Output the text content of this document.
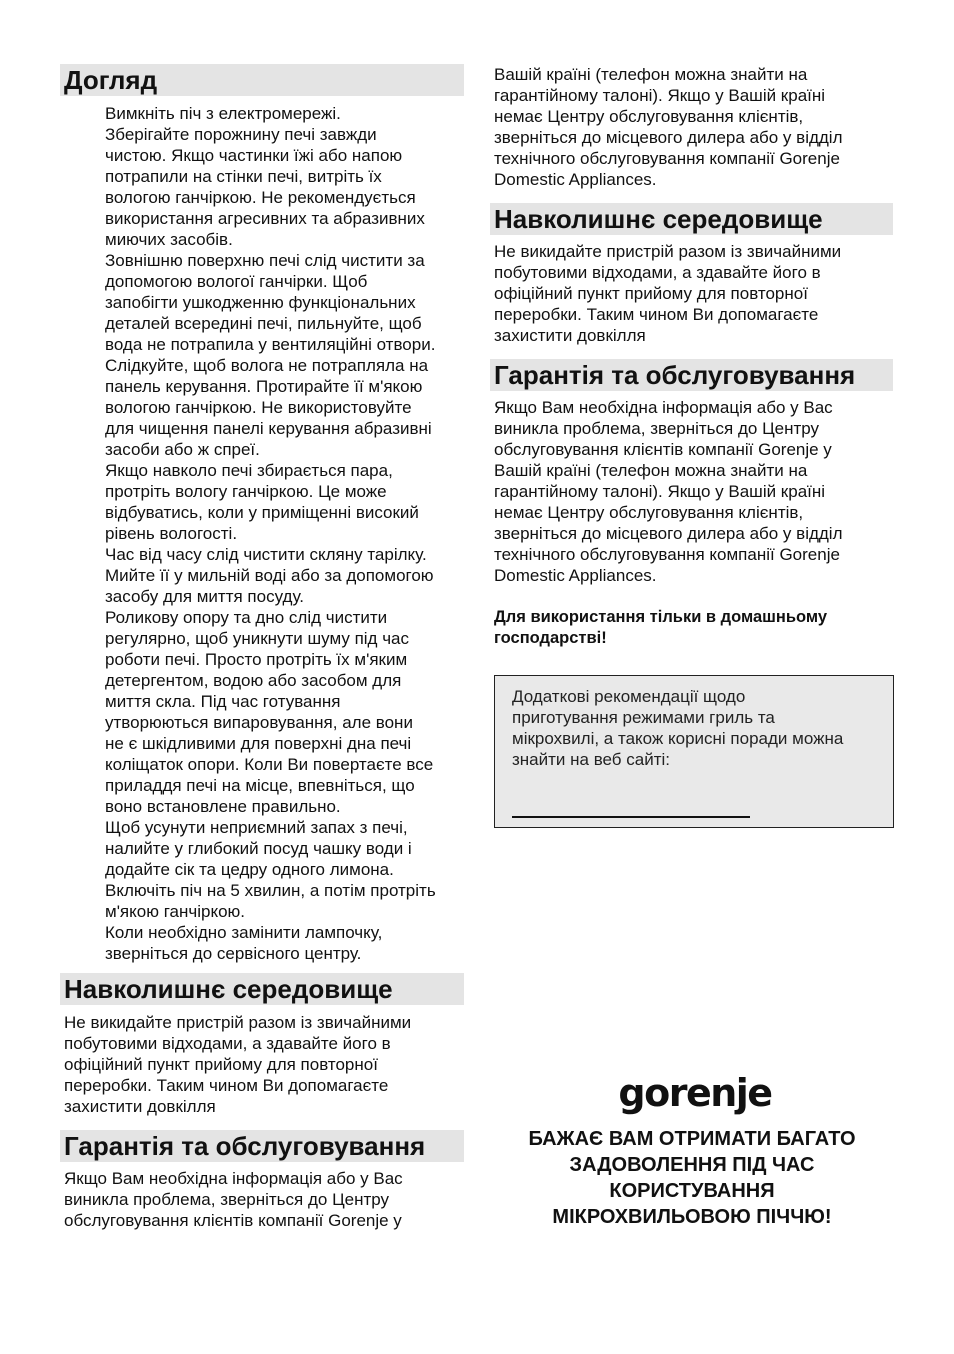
Догляд

Вимкніть піч з електромережі.
Зберігайте порожнину печі завжди
чистою. Якщо частинки їжі або напою
потрапили на стінки печі, витріть їх
вологою ганчіркою. Не рекомендується
використання агресивних та абразивних
миючих засобів.
Зовнішню поверхню печі слід чистити за
допомогою вологої ганчірки. Щоб
запобігти ушкодженню функціональних
деталей всередині печі, пильнуйте, щоб
вода не потрапила у вентиляційні отвори.
Слідкуйте, щоб волога не потрапляла на
панель керування. Протирайте її м'якою
вологою ганчіркою. Не використовуйте
для чищення панелі керування абразивні
засоби або ж спреї.
Якщо навколо печі збирається пара,
протріть вологу ганчіркою. Це може
відбуватись, коли у приміщенні високий
рівень вологості.
Час від часу слід чистити скляну тарілку.
Мийте її у мильній воді або за допомогою
засобу для миття посуду.
Роликову опору та дно слід чистити
регулярно, щоб уникнути шуму під час
роботи печі. Просто протріть їх м'яким
детергентом, водою або засобом для
миття скла. Під час готування
утворюються випаровування, але вони
не є шкідливими для поверхні дна печі
коліщаток опори. Коли Ви повертаєте все
приладдя печі на місце, впевніться, що
воно встановлене правильно.
Щоб усунути неприємний запах з печі,
налийте у глибокий посуд чашку води і
додайте сік та цедру одного лимона.
Включіть піч на 5 хвилин, а потім протріть
м'якою ганчіркою.
Коли необхідно замінити лампочку,
зверніться до сервісного центру.

Навколишнє середовище

Не викидайте пристрій разом із звичайними
побутовими відходами, а здавайте його в
офіційний пункт прийому для повторної
переробки. Таким чином Ви допомагаєте
захистити довкілля

Гарантія та обслуговування

Якщо Вам необхідна інформація або у Вас
виникла проблема, зверніться до Центру
обслуговування клієнтів компанії Gorenje у

Вашій країні (телефон можна знайти на
гарантійному талоні). Якщо у Вашій країні
немає Центру обслуговування клієнтів,
зверніться до місцевого дилера або у відділ
технічного обслуговування компанії Gorenje
Domestic Appliances.

Навколишнє середовище

Не викидайте пристрій разом із звичайними
побутовими відходами, а здавайте його в
офіційний пункт прийому для повторної
переробки. Таким чином Ви допомагаєте
захистити довкілля

Гарантія та обслуговування

Якщо Вам необхідна інформація або у Вас
виникла проблема, зверніться до Центру
обслуговування клієнтів компанії Gorenje у
Вашій країні (телефон можна знайти на
гарантійному талоні). Якщо у Вашій країні
немає Центру обслуговування клієнтів,
зверніться до місцевого дилера або у відділ
технічного обслуговування компанії Gorenje
Domestic Appliances.

Для використання тільки в домашньому
господарстві!

Додаткові рекомендації щодо
приготування режимами гриль та
мікрохвилі, а також корисні поради можна
знайти на веб сайті:

gorenje

БАЖАЄ ВАМ ОТРИМАТИ БАГАТО
ЗАДОВОЛЕННЯ ПІД ЧАС
КОРИСТУВАННЯ
МІКРОХВИЛЬОВОЮ ПІЧЧЮ!
